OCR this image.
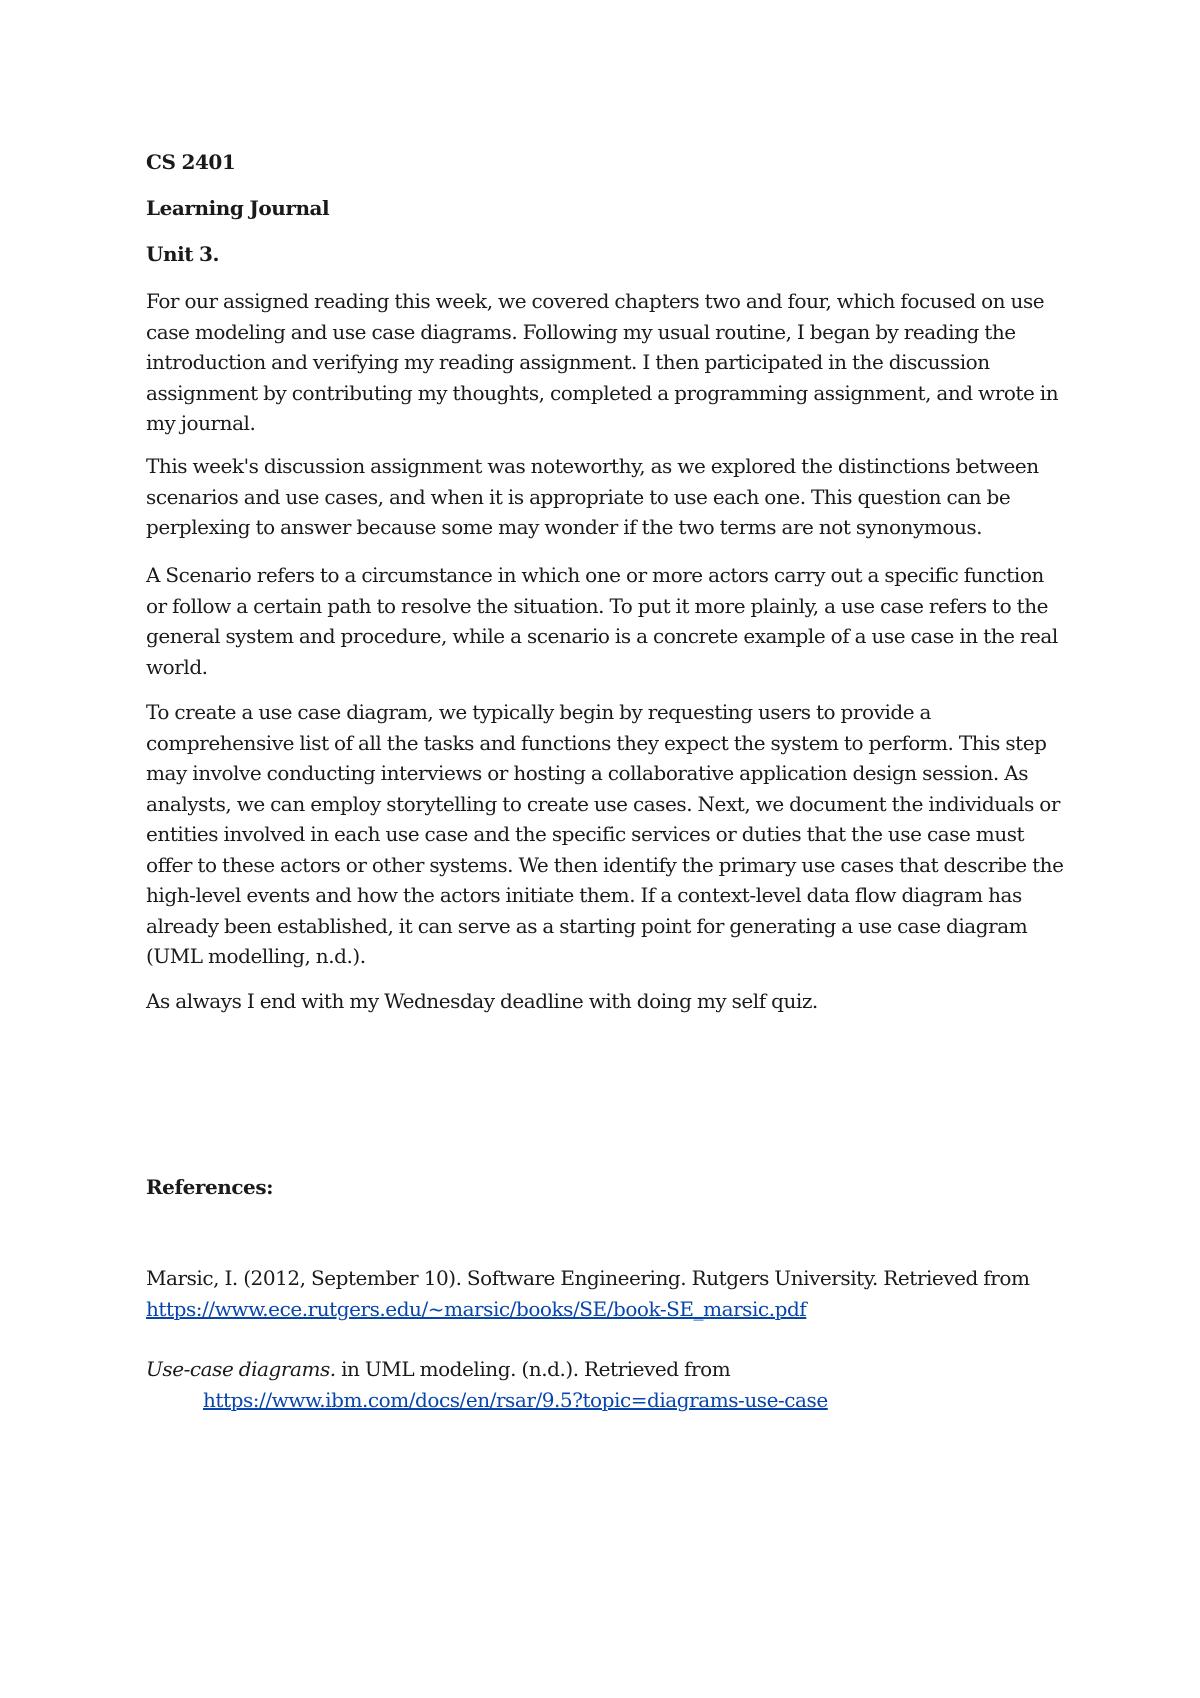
CS 2401

Learning Journal

Unit 3.

For our assigned reading this week, we covered chapters two and four, which focused on use case modeling and use case diagrams. Following my usual routine, I began by reading the introduction and verifying my reading assignment. I then participated in the discussion assignment by contributing my thoughts, completed a programming assignment, and wrote in my journal.

This week's discussion assignment was noteworthy, as we explored the distinctions between scenarios and use cases, and when it is appropriate to use each one. This question can be perplexing to answer because some may wonder if the two terms are not synonymous.

A Scenario refers to a circumstance in which one or more actors carry out a specific function or follow a certain path to resolve the situation. To put it more plainly, a use case refers to the general system and procedure, while a scenario is a concrete example of a use case in the real world.

To create a use case diagram, we typically begin by requesting users to provide a comprehensive list of all the tasks and functions they expect the system to perform. This step may involve conducting interviews or hosting a collaborative application design session. As analysts, we can employ storytelling to create use cases. Next, we document the individuals or entities involved in each use case and the specific services or duties that the use case must offer to these actors or other systems. We then identify the primary use cases that describe the high-level events and how the actors initiate them. If a context-level data flow diagram has already been established, it can serve as a starting point for generating a use case diagram (UML modelling, n.d.).

As always I end with my Wednesday deadline with doing my self quiz.

References:

Marsic, I. (2012, September 10). Software Engineering. Rutgers University. Retrieved from
https://www.ece.rutgers.edu/~marsic/books/SE/book-SE_marsic.pdf
Use-case diagrams. in UML modeling. (n.d.). Retrieved from
https://www.ibm.com/docs/en/rsar/9.5?topic=diagrams-use-case
